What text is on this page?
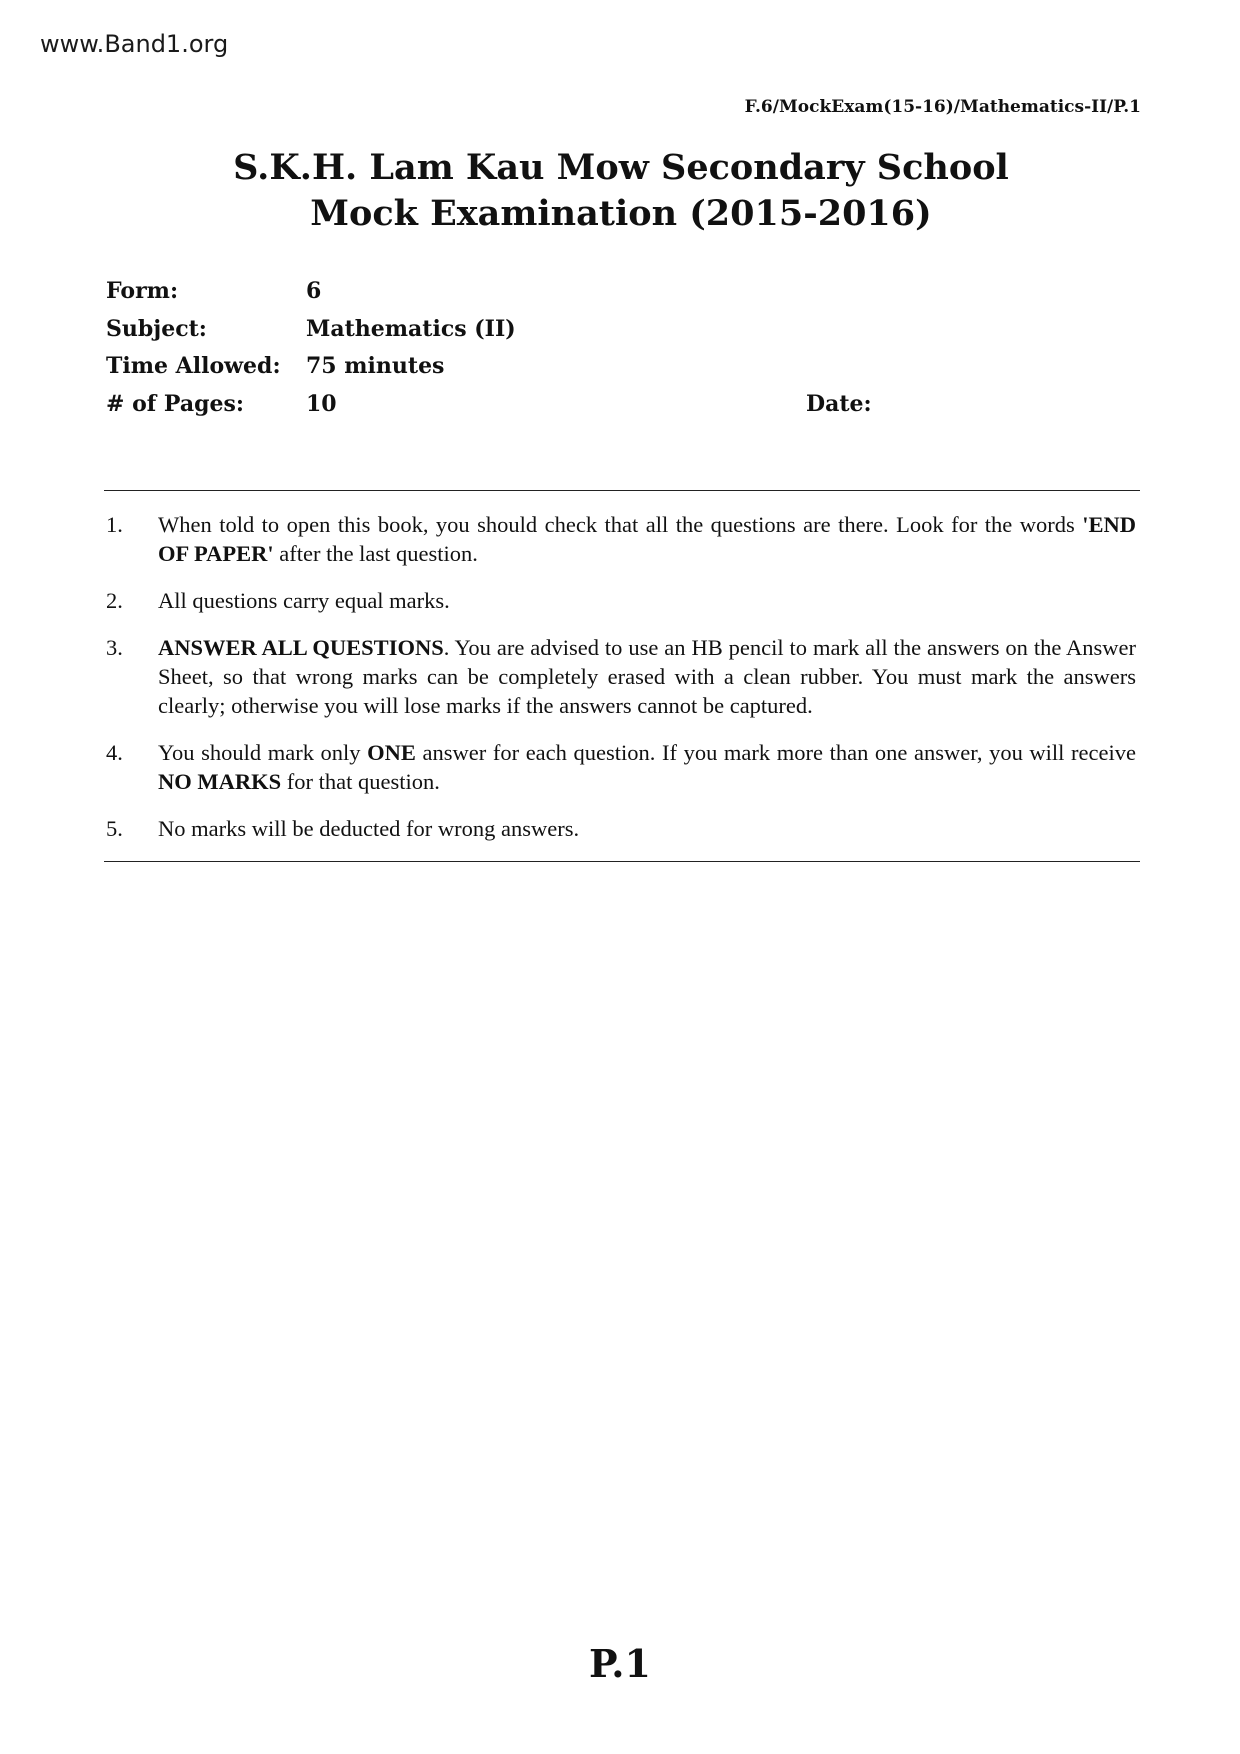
www.Band1.org
F.6/MockExam(15-16)/Mathematics-II/P.1
S.K.H. Lam Kau Mow Secondary School
Mock Examination (2015-2016)
Form:	6
Subject:	Mathematics (II)
Time Allowed: 75 minutes
# of Pages:	10	Date:
1. When told to open this book, you should check that all the questions are there. Look for the words 'END OF PAPER' after the last question.
2. All questions carry equal marks.
3. ANSWER ALL QUESTIONS. You are advised to use an HB pencil to mark all the answers on the Answer Sheet, so that wrong marks can be completely erased with a clean rubber. You must mark the answers clearly; otherwise you will lose marks if the answers cannot be captured.
4. You should mark only ONE answer for each question. If you mark more than one answer, you will receive NO MARKS for that question.
5. No marks will be deducted for wrong answers.
P.1
